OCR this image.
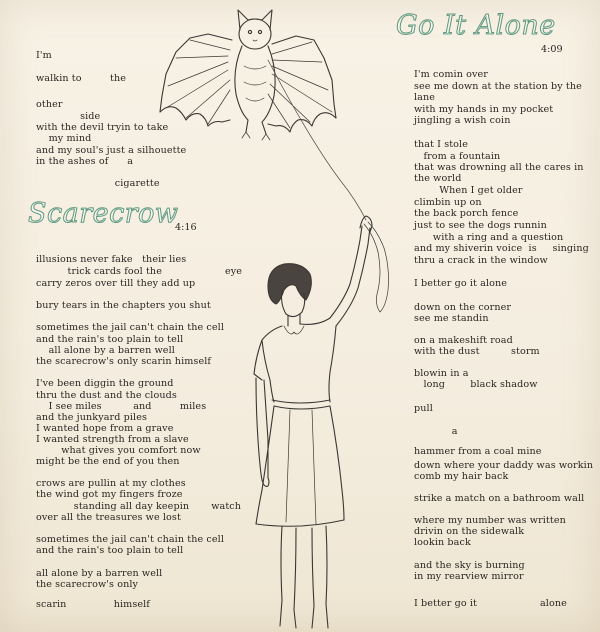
I'm
walkin to         the
other
side
with the devil tryin to take
my mind
and my soul's just a silhouette
in the ashes of      a
cigarette
Scarecrow
4:16
illusions never fake   their lies
trick cards fool the                    eye
carry zeros over till they add up
bury tears in the chapters you shut
sometimes the jail can't chain the cell
and the rain's too plain to tell
all alone by a barren well
the scarecrow's only scarin himself
I've been diggin the ground
thru the dust and the clouds
I see miles          and         miles
and the junkyard piles
I wanted hope from a grave
I wanted strength from a slave
what gives you comfort now
might be the end of you then
crows are pullin at my clothes
the wind got my fingers froze
standing all day keepin       watch
over all the treasures we lost
sometimes the jail can't chain the cell
and the rain's too plain to tell
all alone by a barren well
the scarecrow's only
scarin               himself
Go It Alone
4:09
I'm comin over
see me down at the station by the
lane
with my hands in my pocket
jingling a wish coin
that I stole
from a fountain
that was drowning all the cares in
the world
When I get older
climbin up on
the back porch fence
just to see the dogs runnin
with a ring and a question
and my shiverin voice  is     singing
thru a crack in the window
I better go it alone
down on the corner
see me standin
on a makeshift road
with the dust          storm
blowin in a
long        black shadow
pull
a
hammer from a coal mine
down where your daddy was workin
comb my hair back
strike a match on a bathroom wall
where my number was written
drivin on the sidewalk
lookin back
and the sky is burning
in my rearview mirror
I better go it                    alone
